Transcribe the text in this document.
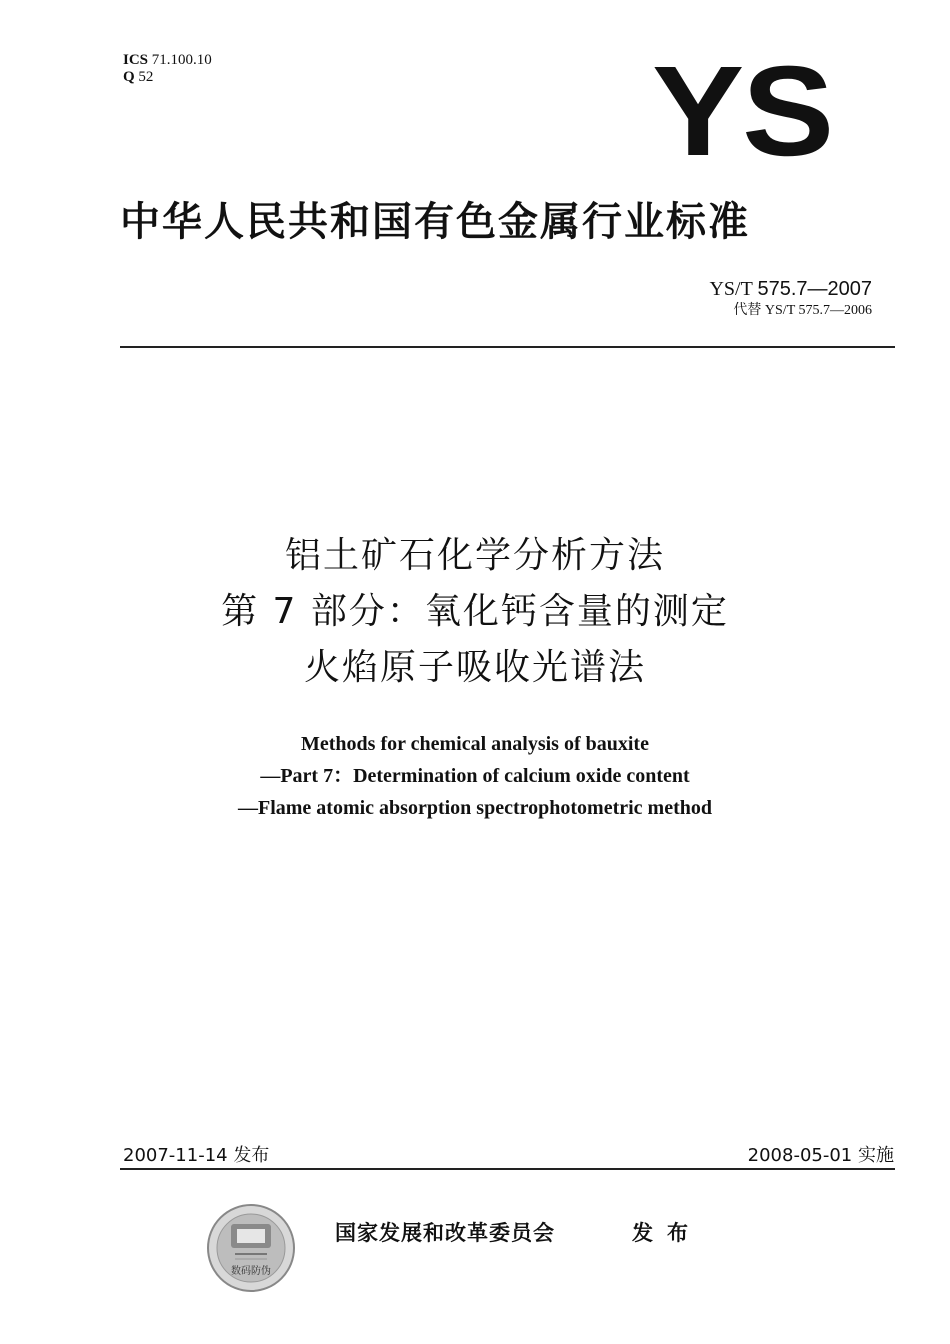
ICS 71.100.10
Q 52	YS
中华人民共和国有色金属行业标准
YS/T 575.7—2007
代替 YS/T 575.7—2006
铝土矿石化学分析方法
第 7 部分：氧化钙含量的测定
火焰原子吸收光谱法
Methods for chemical analysis of bauxite
—Part 7：Determination of calcium oxide content
—Flame atomic absorption spectrophotometric method
2007-11-14 发布	2008-05-01 实施
数码防伪
国家发展和改革委员会	发布
